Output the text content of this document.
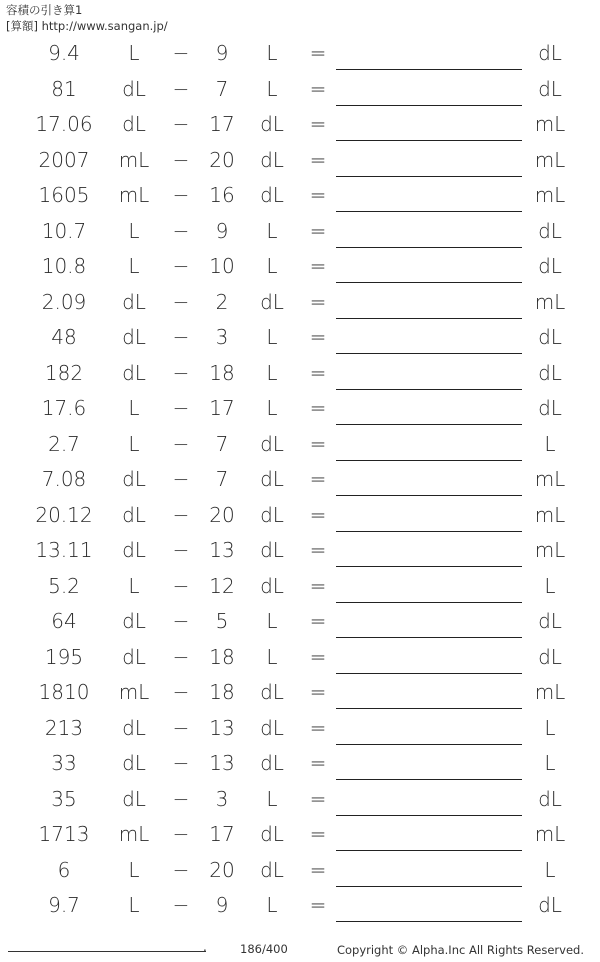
容積の引き算1
[算額] http://www.sangan.jp/
9.4	L	−	9	L	=	dL
81	dL	−	7	L	=	dL
17.06	dL	− 17	dL	=	mL
2007	mL	− 20	dL	=	mL
1605	mL	− 16	dL	=	mL
10.7	L	−	9	L	=	dL
10.8	L	− 10	L	=	dL
2.09	dL	−	2	dL	=	mL
48	dL	−	3	L	=	dL
182	dL	− 18	L	=	dL
17.6	L	− 17	L	=	dL
2.7	L	−	7	dL	=	L
7.08	dL	−	7	dL	=	mL
20.12	dL	− 20	dL	=	mL
13.11	dL	− 13	dL	=	mL
5.2	L	− 12	dL	=	L
64	dL	−	5	L	=	dL
195	dL	− 18	L	=	dL
1810	mL	− 18	dL	=	mL
213	dL	− 13	dL	=	L
33	dL	− 13	dL	=	L
35	dL	−	3	L	=	dL
1713	mL	− 17	dL	=	mL
6	L	− 20	dL	=	L
9.7	L	−	9	L	=	dL
.	186/400	Copyright © Alpha.Inc All Rights Reserved.
